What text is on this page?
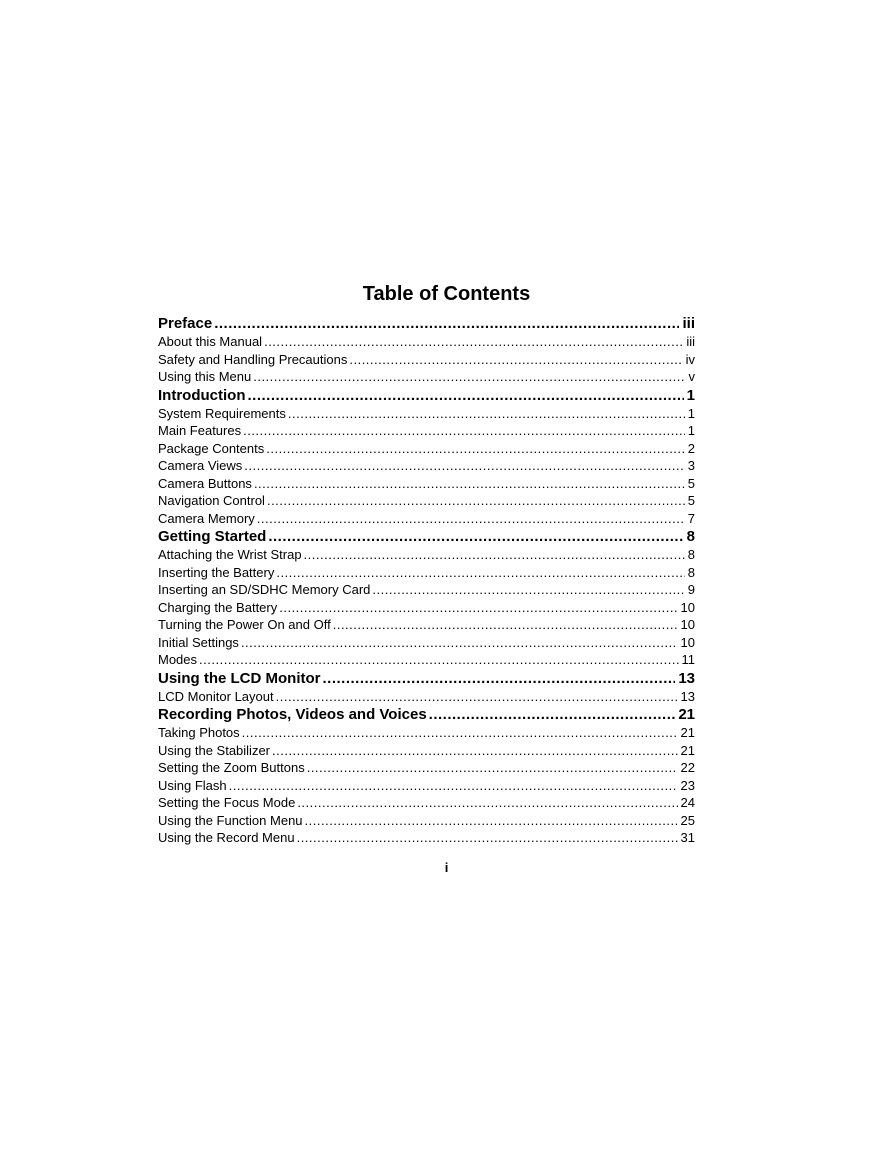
Table of Contents
Preface .....	iii
About this Manual .....	iii
Safety and Handling Precautions .....	iv
Using this Menu .....	v
Introduction .....	1
System Requirements .....	1
Main Features .....	1
Package Contents .....	2
Camera Views .....	3
Camera Buttons .....	5
Navigation Control .....	5
Camera Memory .....	7
Getting Started .....	8
Attaching the Wrist Strap .....	8
Inserting the Battery .....	8
Inserting an SD/SDHC Memory Card .....	9
Charging the Battery .....	10
Turning the Power On and Off .....	10
Initial Settings .....	10
Modes .....	11
Using the LCD Monitor .....	13
LCD Monitor Layout .....	13
Recording Photos, Videos and Voices .....	21
Taking Photos .....	21
Using the Stabilizer .....	21
Setting the Zoom Buttons .....	22
Using Flash .....	23
Setting the Focus Mode .....	24
Using the Function Menu .....	25
Using the Record Menu .....	31
i
